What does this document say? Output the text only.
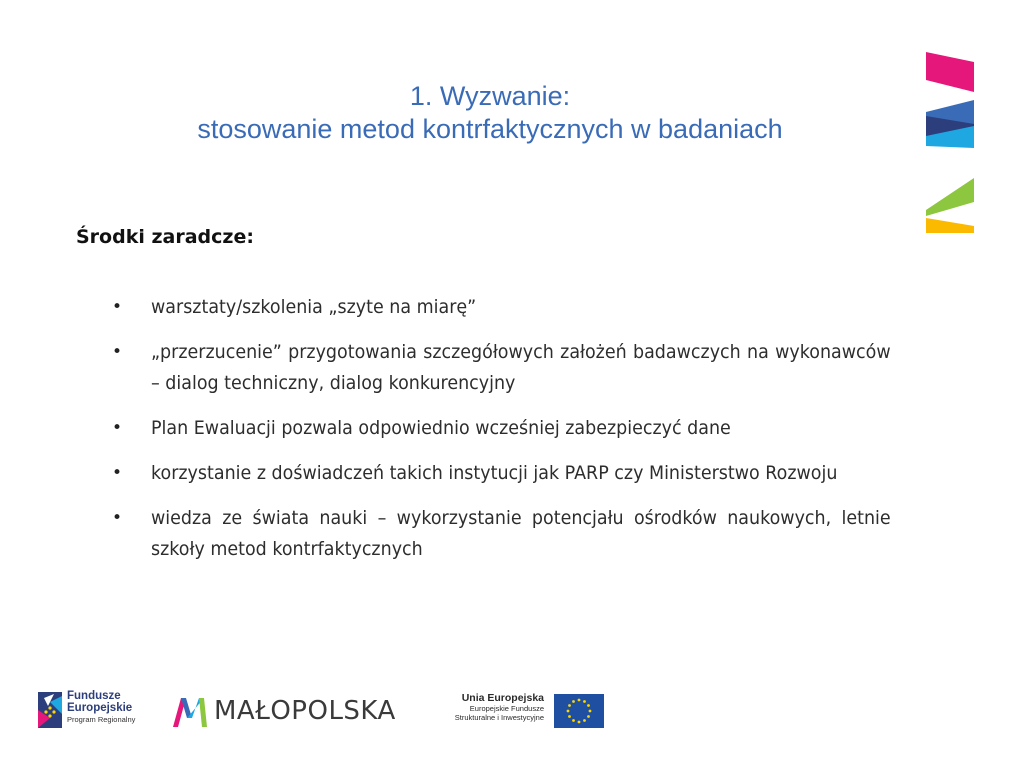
1. Wyzwanie:
stosowanie metod kontrfaktycznych w badaniach
Środki zaradcze:
• warsztaty/szkolenia „szyte na miarę”
• „przerzucenie” przygotowania szczegółowych założeń badawczych na wykonawców – dialog techniczny, dialog konkurencyjny
• Plan Ewaluacji pozwala odpowiednio wcześniej zabezpieczyć dane
• korzystanie z doświadczeń takich instytucji jak PARP czy Ministerstwo Rozwoju
• wiedza ze świata nauki – wykorzystanie potencjału ośrodków naukowych, letnie szkoły metod kontrfaktycznych
Fundusze
Europejskie
Program Regionalny	MAŁOPOLSKA	Unia Europejska
Europejskie Fundusze
Strukturalne i Inwestycyjne
